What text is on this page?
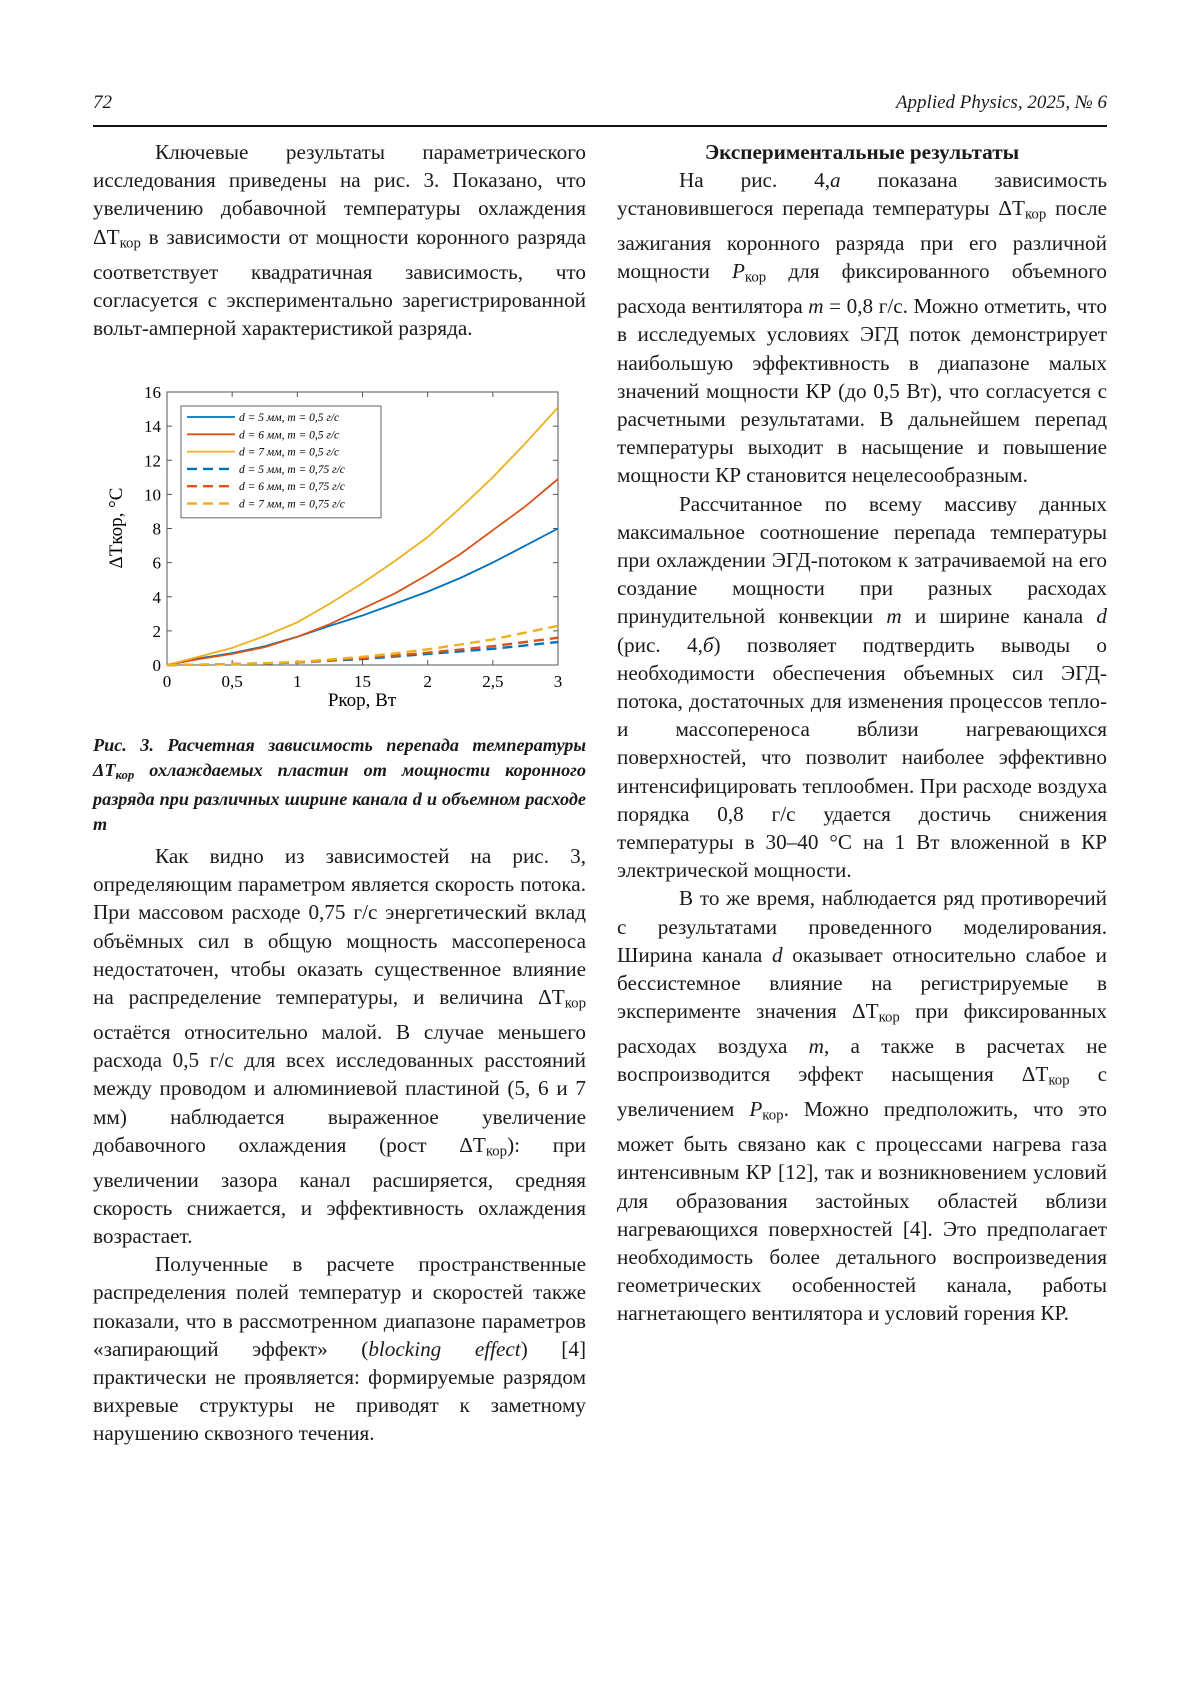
72	Applied Physics, 2025, № 6

Ключевые результаты параметрического исследования приведены на рис. 3. Показано, что увеличению добавочной температуры охлаждения $\Delta T_{кор}$ в зависимости от мощности коронного разряда соответствует квадратичная зависимость, что согласуется с экспериментально зарегистрированной вольт-амперной характеристикой разряда.

0
2
4
6
8
10
12
14
16
0	0,5	1	15	2	2,5	3
d = 5 мм, m = 0,5 г/с
d = 6 мм, m = 0,5 г/с
d = 7 мм, m = 0,5 г/с
d = 5 мм, m = 0,75 г/с
d = 6 мм, m = 0,75 г/с
d = 7 мм, m = 0,75 г/с
Pкор, Вт
ΔTкор, °C
Рис. 3. Расчетная зависимость перепада температуры $\Delta T_{кор}$ охлаждаемых пластин от мощности коронного разряда при различных ширине канала d и объемном расходе m

Как видно из зависимостей на рис. 3, определяющим параметром является скорость потока. При массовом расходе 0,75 г/с энергетический вклад объёмных сил в общую мощность массопереноса недостаточен, чтобы оказать существенное влияние на распределение температуры, и величина $\Delta T_{кор}$ остаётся относительно малой. В случае меньшего расхода 0,5 г/с для всех исследованных расстояний между проводом и алюминиевой пластиной (5, 6 и 7 мм) наблюдается выраженное увеличение добавочного охлаждения (рост $\Delta T_{кор}$): при увеличении зазора канал расширяется, средняя скорость снижается, и эффективность охлаждения возрастает.

Полученные в расчете пространственные распределения полей температур и скоростей также показали, что в рассмотренном диапазоне параметров «запирающий эффект» (blocking effect) [4] практически не проявляется: формируемые разрядом вихревые структуры не приводят к заметному нарушению сквозного течения.

Экспериментальные результаты

На рис. 4,а показана зависимость установившегося перепада температуры $\Delta T_{кор}$ после зажигания коронного разряда при его различной мощности $P_{кор}$ для фиксированного объемного расхода вентилятора m = 0,8 г/с. Можно отметить, что в исследуемых условиях ЭГД поток демонстрирует наибольшую эффективность в диапазоне малых значений мощности КР (до 0,5 Вт), что согласуется с расчетными результатами. В дальнейшем перепад температуры выходит в насыщение и повышение мощности КР становится нецелесообразным.

Рассчитанное по всему массиву данных максимальное соотношение перепада температуры при охлаждении ЭГД-потоком к затрачиваемой на его создание мощности при разных расходах принудительной конвекции m и ширине канала d (рис. 4,б) позволяет подтвердить выводы о необходимости обеспечения объемных сил ЭГД-потока, достаточных для изменения процессов тепло- и массопереноса вблизи нагревающихся поверхностей, что позволит наиболее эффективно интенсифицировать теплообмен. При расходе воздуха порядка 0,8 г/с удается достичь снижения температуры в 30–40 °C на 1 Вт вложенной в КР электрической мощности.

В то же время, наблюдается ряд противоречий с результатами проведенного моделирования. Ширина канала d оказывает относительно слабое и бессистемное влияние на регистрируемые в эксперименте значения $\Delta T_{кор}$ при фиксированных расходах воздуха m, а также в расчетах не воспроизводится эффект насыщения $\Delta T_{кор}$ с увеличением $P_{кор}$. Можно предположить, что это может быть связано как с процессами нагрева газа интенсивным КР [12], так и возникновением условий для образования застойных областей вблизи нагревающихся поверхностей [4]. Это предполагает необходимость более детального воспроизведения геометрических особенностей канала, работы нагнетающего вентилятора и условий горения КР.
